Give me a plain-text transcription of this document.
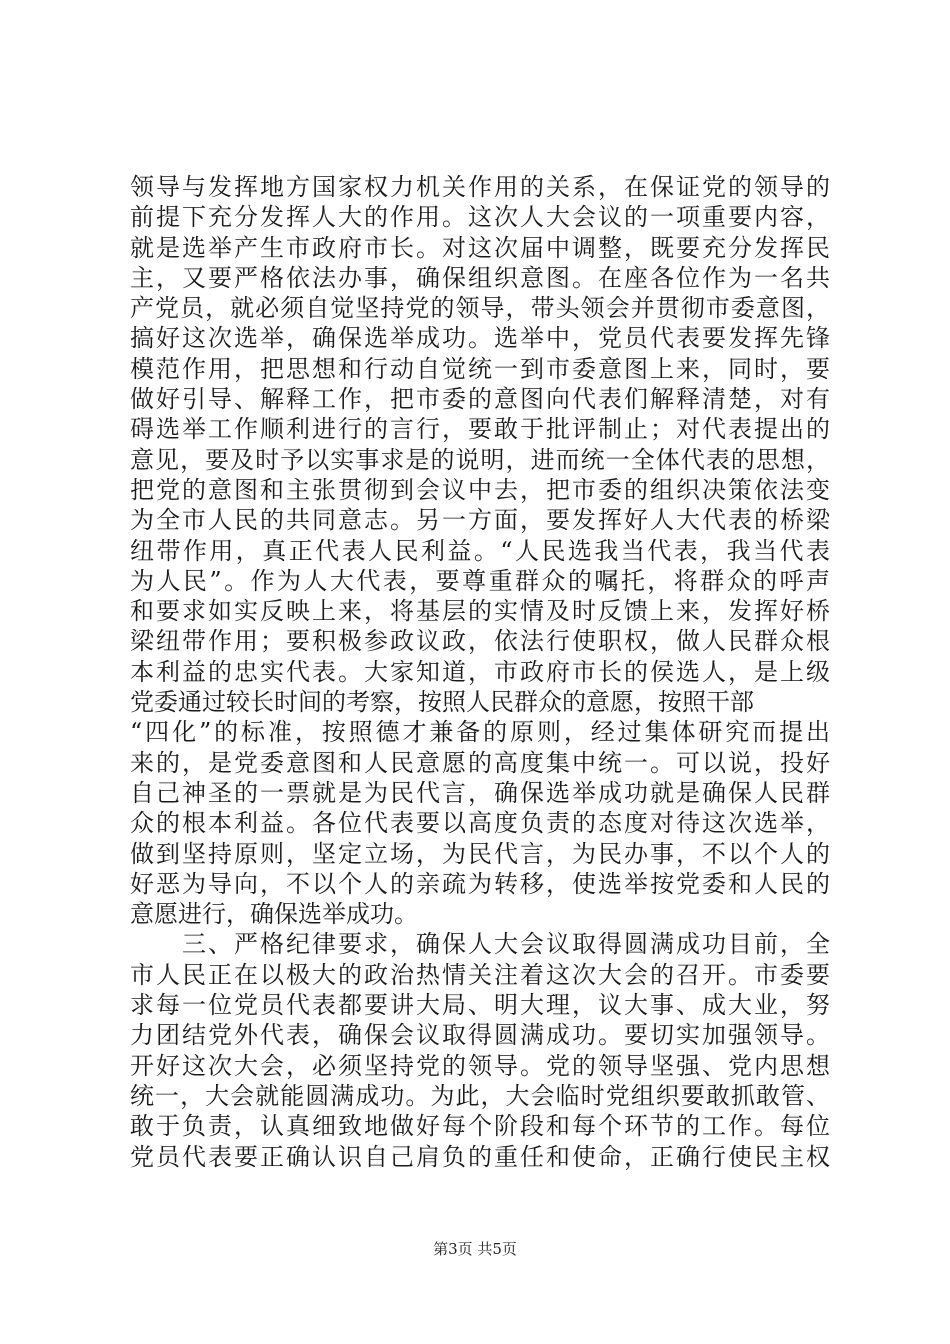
领导与发挥地方国家权力机关作用的关系，在保证党的领导的
前提下充分发挥人大的作用。这次人大会议的一项重要内容，
就是选举产生市政府市长。对这次届中调整，既要充分发挥民
主，又要严格依法办事，确保组织意图。在座各位作为一名共
产党员，就必须自觉坚持党的领导，带头领会并贯彻市委意图，
搞好这次选举，确保选举成功。选举中，党员代表要发挥先锋
模范作用，把思想和行动自觉统一到市委意图上来，同时，要
做好引导、解释工作，把市委的意图向代表们解释清楚，对有
碍选举工作顺利进行的言行，要敢于批评制止；对代表提出的
意见，要及时予以实事求是的说明，进而统一全体代表的思想，
把党的意图和主张贯彻到会议中去，把市委的组织决策依法变
为全市人民的共同意志。另一方面，要发挥好人大代表的桥梁
纽带作用，真正代表人民利益。“人民选我当代表，我当代表
为人民”。作为人大代表，要尊重群众的嘱托，将群众的呼声
和要求如实反映上来，将基层的实情及时反馈上来，发挥好桥
梁纽带作用；要积极参政议政，依法行使职权，做人民群众根
本利益的忠实代表。大家知道，市政府市长的侯选人，是上级
党委通过较长时间的考察，按照人民群众的意愿，按照干部
“四化”的标准，按照德才兼备的原则，经过集体研究而提出
来的，是党委意图和人民意愿的高度集中统一。可以说，投好
自己神圣的一票就是为民代言，确保选举成功就是确保人民群
众的根本利益。各位代表要以高度负责的态度对待这次选举，
做到坚持原则，坚定立场，为民代言，为民办事，不以个人的
好恶为导向，不以个人的亲疏为转移，使选举按党委和人民的
意愿进行，确保选举成功。
　　三、严格纪律要求，确保人大会议取得圆满成功目前，全
市人民正在以极大的政治热情关注着这次大会的召开。市委要
求每一位党员代表都要讲大局、明大理，议大事、成大业，努
力团结党外代表，确保会议取得圆满成功。要切实加强领导。
开好这次大会，必须坚持党的领导。党的领导坚强、党内思想
统一，大会就能圆满成功。为此，大会临时党组织要敢抓敢管、
敢于负责，认真细致地做好每个阶段和每个环节的工作。每位
党员代表要正确认识自己肩负的重任和使命，正确行使民主权
第3页 共5页
